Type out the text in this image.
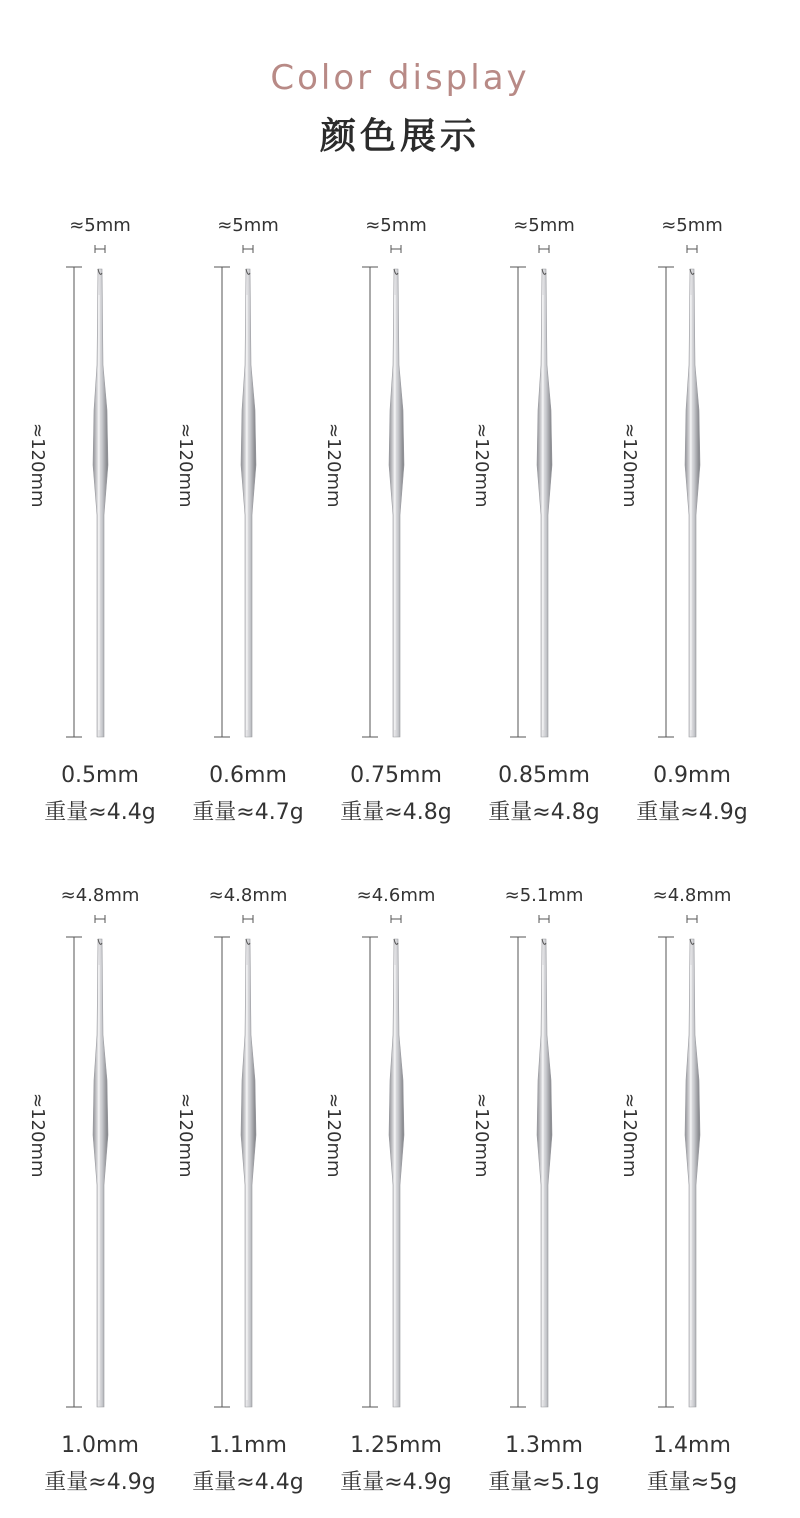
Color display
颜色展示
≈5mm
≈120mm
0.5mm
重量≈4.4g
≈5mm
≈120mm
0.6mm
重量≈4.7g
≈5mm
≈120mm
0.75mm
重量≈4.8g
≈5mm
≈120mm
0.85mm
重量≈4.8g
≈5mm
≈120mm
0.9mm
重量≈4.9g
≈4.8mm
≈120mm
1.0mm
重量≈4.9g
≈4.8mm
≈120mm
1.1mm
重量≈4.4g
≈4.6mm
≈120mm
1.25mm
重量≈4.9g
≈5.1mm
≈120mm
1.3mm
重量≈5.1g
≈4.8mm
≈120mm
1.4mm
重量≈5g
